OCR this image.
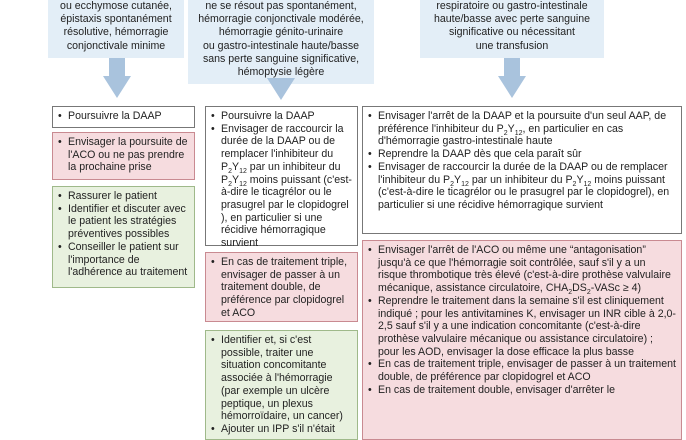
ou ecchymose cutanée,
épistaxis spontanément
résolutive, hémorragie
conjonctivale minime
ne se résout pas spontanément,
hémorragie conjonctivale modérée,
hémorragie génito-urinaire
ou gastro-intestinale haute/basse
sans perte sanguine significative,
hémoptysie légère
respiratoire ou gastro-intestinale
haute/basse avec perte sanguine
significative ou nécessitant
une transfusion
• Poursuivre la DAAP
• Envisager la poursuite de l'ACO ou ne pas prendre la prochaine prise
• Rassurer le patient
• Identifier et discuter avec le patient les stratégies préventives possibles
• Conseiller le patient sur l'importance de l'adhérence au traitement
• Poursuivre la DAAP
• Envisager de raccourcir la durée de la DAAP ou de remplacer l'inhibiteur du $P_2Y_{12}$ par un inhibiteur du $P_2Y_{12}$ moins puissant (c'est-à-dire le ticagrélor ou le prasugrel par le clopidogrel ), en particulier si une récidive hémorragique survient
• En cas de traitement triple, envisager de passer à un traitement double, de préférence par clopidogrel et ACO
• Identifier et, si c'est possible, traiter une situation concomitante associée à l'hémorragie (par exemple un ulcère peptique, un plexus hémorroïdaire, un cancer)
• Ajouter un IPP s'il n'était
• Envisager l'arrêt de la DAAP et la poursuite d'un seul AAP, de préférence l'inhibiteur du $P_2Y_{12}$, en particulier en cas d'hémorragie gastro-intestinale haute
• Reprendre la DAAP dès que cela paraît sûr
• Envisager de raccourcir la durée de la DAAP ou de remplacer l'inhibiteur du $P_2Y_{12}$ par un inhibiteur du $P_2Y_{12}$ moins puissant (c'est-à-dire le ticagrélor ou le prasugrel par le clopidogrel), en particulier si une récidive hémorragique survient
• Envisager l'arrêt de l'ACO ou même une “antagonisation” jusqu'à ce que l'hémorragie soit contrôlée, sauf s'il y a un risque thrombotique très élevé (c'est-à-dire prothèse valvulaire mécanique, assistance circulatoire, $CHA_2DS_2$-VASc ≥ 4)
• Reprendre le traitement dans la semaine s'il est cliniquement indiqué ; pour les antivitamines K, envisager un INR cible à 2,0-2,5 sauf s'il y a une indication concomitante (c'est-à-dire prothèse valvulaire mécanique ou assistance circulatoire) ; pour les AOD, envisager la dose efficace la plus basse
• En cas de traitement triple, envisager de passer à un traitement double, de préférence par clopidogrel et ACO
• En cas de traitement double, envisager d'arrêter le
